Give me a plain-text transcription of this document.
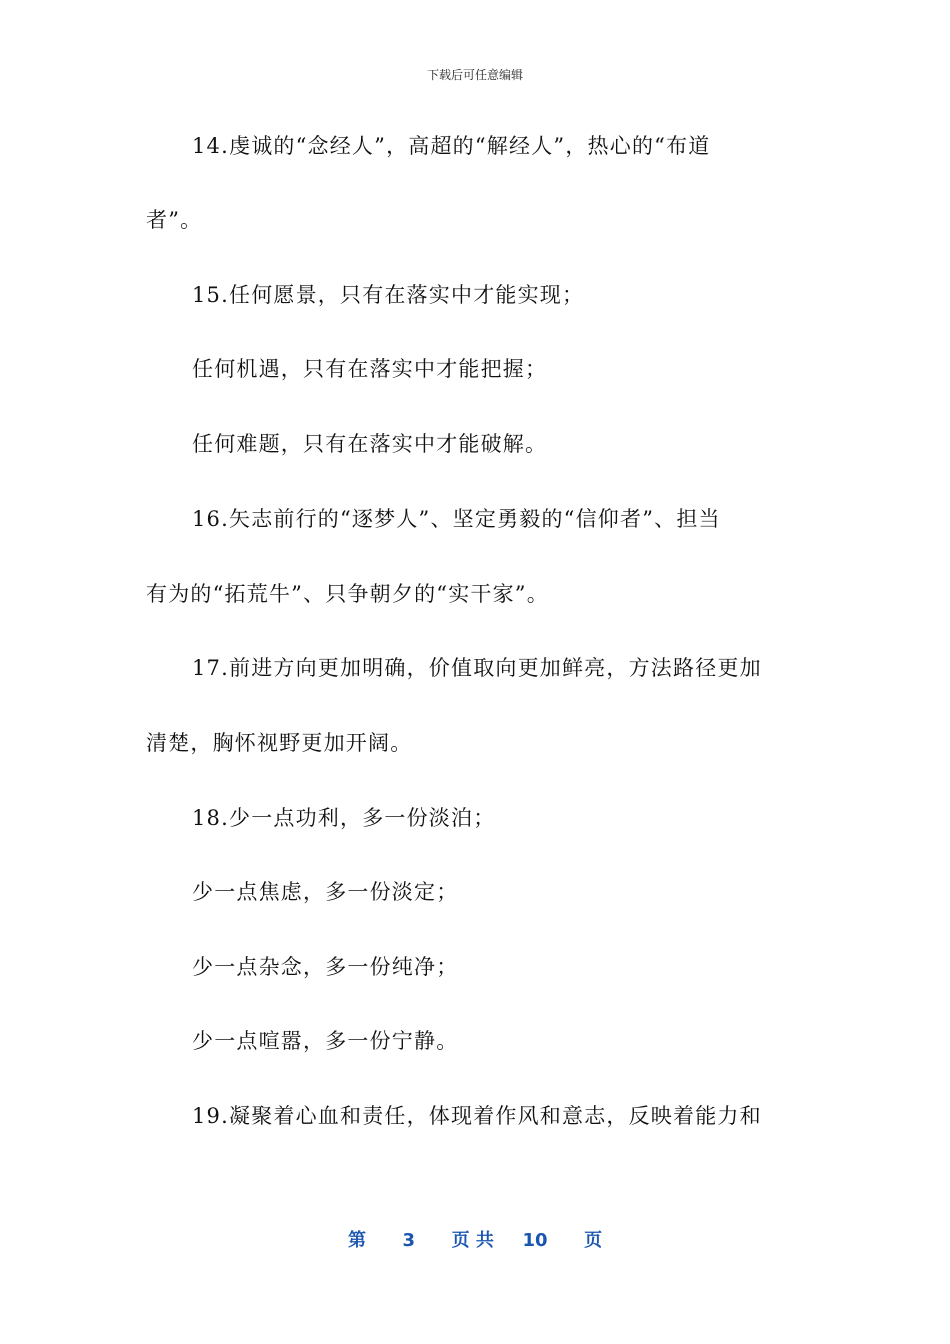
下载后可任意编辑
14.虔诚的“念经人”，高超的“解经人”，热心的“布道
者”。
15.任何愿景，只有在落实中才能实现；
任何机遇，只有在落实中才能把握；
任何难题，只有在落实中才能破解。
16.矢志前行的“逐梦人”、坚定勇毅的“信仰者”、担当
有为的“拓荒牛”、只争朝夕的“实干家”。
17.前进方向更加明确，价值取向更加鲜亮，方法路径更加
清楚，胸怀视野更加开阔。
18.少一点功利，多一份淡泊；
少一点焦虑，多一份淡定；
少一点杂念，多一份纯净；
少一点喧嚣，多一份宁静。
19.凝聚着心血和责任，体现着作风和意志，反映着能力和
第 3 页 共 10 页
